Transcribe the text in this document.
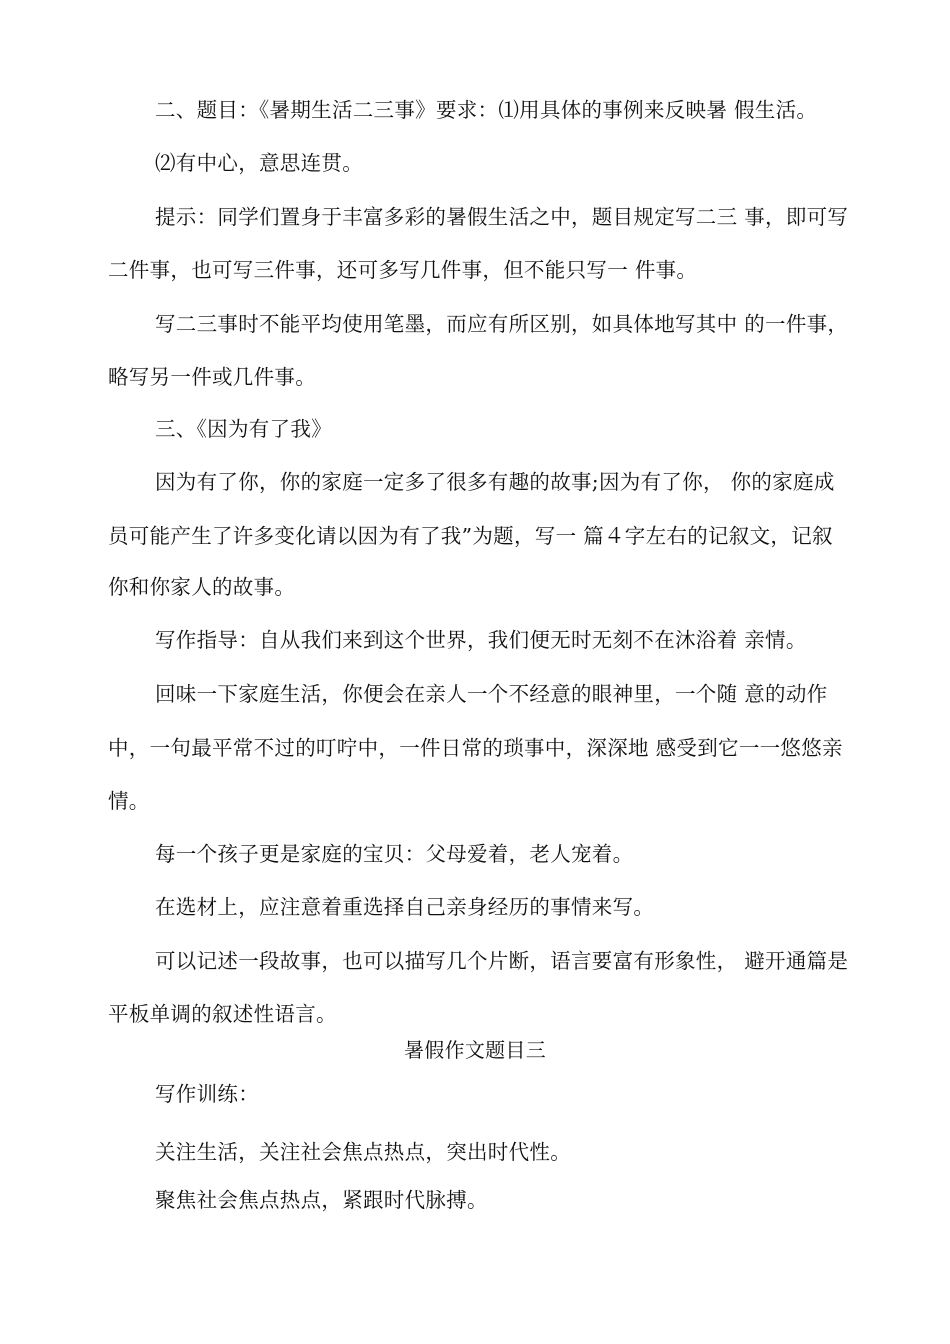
二、题目：《暑期生活二三事》要求：⑴用具体的事例来反映暑 假生活。
⑵有中心，意思连贯。
提示：同学们置身于丰富多彩的暑假生活之中，题目规定写二三 事，即可写
二件事，也可写三件事，还可多写几件事，但不能只写一 件事。
写二三事时不能平均使用笔墨，而应有所区别，如具体地写其中 的一件事，
略写另一件或几件事。
三、《因为有了我》
因为有了你，你的家庭一定多了很多有趣的故事;因为有了你， 你的家庭成
员可能产生了许多变化请以因为有了我”为题，写一 篇４字左右的记叙文，记叙
你和你家人的故事。
写作指导：自从我们来到这个世界，我们便无时无刻不在沐浴着 亲情。
回味一下家庭生活，你便会在亲人一个不经意的眼神里，一个随 意的动作
中，一句最平常不过的叮咛中，一件日常的琐事中，深深地 感受到它一一悠悠亲
情。
每一个孩子更是家庭的宝贝：父母爱着，老人宠着。
在选材上，应注意着重选择自己亲身经历的事情来写。
可以记述一段故事，也可以描写几个片断，语言要富有形象性， 避开通篇是
平板单调的叙述性语言。
暑假作文题目三
写作训练：
关注生活，关注社会焦点热点，突出时代性。
聚焦社会焦点热点，紧跟时代脉搏。
